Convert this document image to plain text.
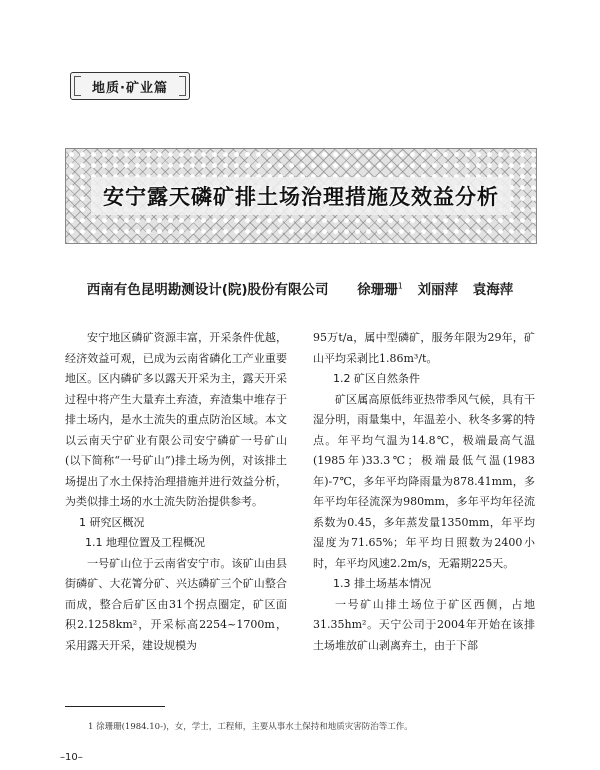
地质·矿业篇
安宁露天磷矿排土场治理措施及效益分析
西南有色昆明勘测设计(院)股份有限公司 徐珊珊$^1$ 刘丽萍 袁海萍

安宁地区磷矿资源丰富，开采条件优越，经济效益可观，已成为云南省磷化工产业重要地区。区内磷矿多以露天开采为主，露天开采过程中将产生大量弃土弃渣，弃渣集中堆存于排土场内，是水土流失的重点防治区域。本文以云南天宁矿业有限公司安宁磷矿一号矿山(以下简称“一号矿山”)排土场为例，对该排土场提出了水土保持治理措施并进行效益分析，为类似排土场的水土流失防治提供参考。

1 研究区概况
1.1 地理位置及工程概况

一号矿山位于云南省安宁市。该矿山由县街磷矿、大花箐分矿、兴达磷矿三个矿山整合而成，整合后矿区由31个拐点圈定，矿区面积2.1258km²，开采标高2254~1700m，采用露天开采，建设规模为

95万t/a，属中型磷矿，服务年限为29年，矿山平均采剥比1.86m³/t。

1.2 矿区自然条件

矿区属高原低纬亚热带季风气候，具有干湿分明，雨量集中，年温差小、秋冬多雾的特点。年平均气温为14.8℃，极端最高气温(1985年)33.3℃；极端最低气温(1983年)-7℃，多年平均降雨量为878.41mm，多年平均年径流深为980mm，多年平均年径流系数为0.45，多年蒸发量1350mm，年平均湿度为71.65%；年平均日照数为2400小时，年平均风速2.2m/s，无霜期225天。

1.3 排土场基本情况

一号矿山排土场位于矿区西侧，占地31.35hm²。天宁公司于2004年开始在该排土场堆放矿山剥离弃土，由于下部

1 徐珊珊(1984.10-)，女，学士，工程师，主要从事水土保持和地质灾害防治等工作。
–10–
